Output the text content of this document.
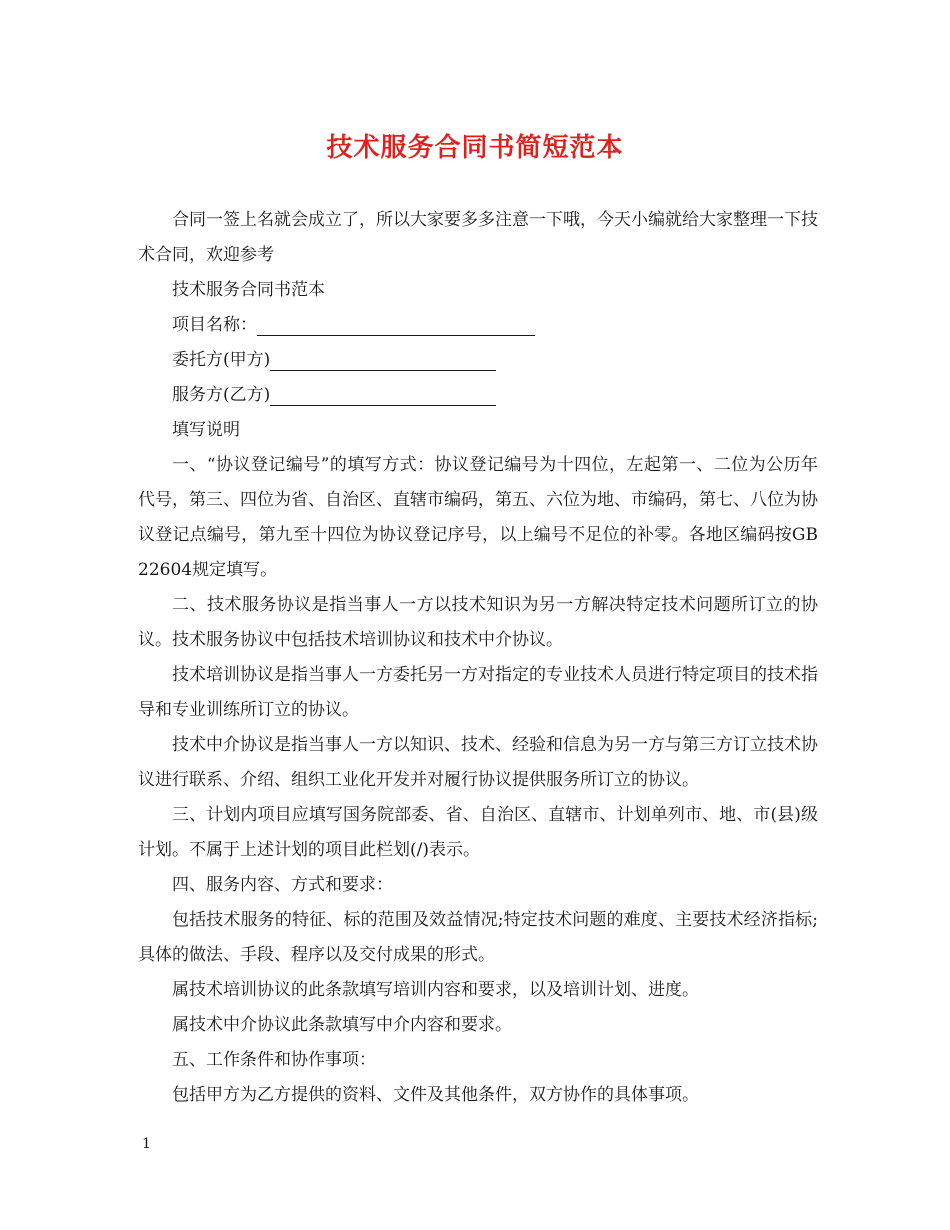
技术服务合同书简短范本

合同一签上名就会成立了，所以大家要多多注意一下哦，今天小编就给大家整理一下技术合同，欢迎参考

技术服务合同书范本

项目名称：

委托方(甲方)

服务方(乙方)

填写说明

一、“协议登记编号”的填写方式：协议登记编号为十四位，左起第一、二位为公历年代号，第三、四位为省、自治区、直辖市编码，第五、六位为地、市编码，第七、八位为协议登记点编号，第九至十四位为协议登记序号，以上编号不足位的补零。各地区编码按GB22604规定填写。

二、技术服务协议是指当事人一方以技术知识为另一方解决特定技术问题所订立的协议。技术服务协议中包括技术培训协议和技术中介协议。

技术培训协议是指当事人一方委托另一方对指定的专业技术人员进行特定项目的技术指导和专业训练所订立的协议。

技术中介协议是指当事人一方以知识、技术、经验和信息为另一方与第三方订立技术协议进行联系、介绍、组织工业化开发并对履行协议提供服务所订立的协议。

三、计划内项目应填写国务院部委、省、自治区、直辖市、计划单列市、地、市(县)级计划。不属于上述计划的项目此栏划(/)表示。

四、服务内容、方式和要求：

包括技术服务的特征、标的范围及效益情况;特定技术问题的难度、主要技术经济指标;具体的做法、手段、程序以及交付成果的形式。

属技术培训协议的此条款填写培训内容和要求，以及培训计划、进度。

属技术中介协议此条款填写中介内容和要求。

五、工作条件和协作事项：

包括甲方为乙方提供的资料、文件及其他条件，双方协作的具体事项。

1
